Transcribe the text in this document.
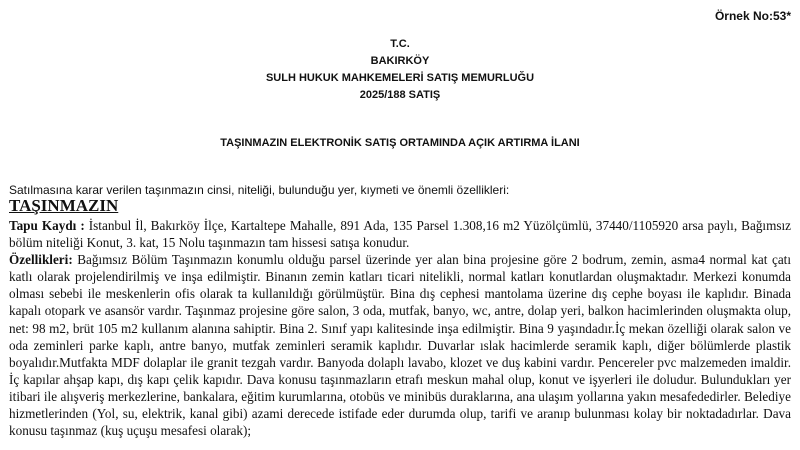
Örnek No:53*
T.C.
BAKIRKÖY
SULH HUKUK MAHKEMELERİ SATIŞ MEMURLUĞU
2025/188 SATIŞ
TAŞINMAZIN ELEKTRONİK SATIŞ ORTAMINDA AÇIK ARTIRMA İLANI
Satılmasına karar verilen taşınmazın cinsi, niteliği, bulunduğu yer, kıymeti ve önemli özellikleri:
TAŞINMAZIN

Tapu Kaydı : İstanbul İl, Bakırköy İlçe, Kartaltepe Mahalle, 891 Ada, 135 Parsel 1.308,16 m2 Yüzölçümlü, 37440/1105920 arsa paylı, Bağımsız bölüm niteliği Konut, 3. kat, 15 Nolu taşınmazın tam hissesi satışa konudur.

Özellikleri: Bağımsız Bölüm Taşınmazın konumlu olduğu parsel üzerinde yer alan bina projesine göre 2 bodrum, zemin, asma4 normal kat çatı katlı olarak projelendirilmiş ve inşa edilmiştir. Binanın zemin katları ticari nitelikli, normal katları konutlardan oluşmaktadır. Merkezi konumda olması sebebi ile meskenlerin ofis olarak ta kullanıldığı görülmüştür. Bina dış cephesi mantolama üzerine dış cephe boyası ile kaplıdır. Binada kapalı otopark ve asansör vardır. Taşınmaz projesine göre salon, 3 oda, mutfak, banyo, wc, antre, dolap yeri, balkon hacimlerinden oluşmakta olup, net: 98 m2, brüt 105 m2 kullanım alanına sahiptir. Bina 2. Sınıf yapı kalitesinde inşa edilmiştir. Bina 9 yaşındadır.İç mekan özelliği olarak salon ve oda zeminleri parke kaplı, antre banyo, mutfak zeminleri seramik kaplıdır. Duvarlar ıslak hacimlerde seramik kaplı, diğer bölümlerde plastik boyalıdır.Mutfakta MDF dolaplar ile granit tezgah vardır. Banyoda dolaplı lavabo, klozet ve duş kabini vardır. Pencereler pvc malzemeden imaldir. İç kapılar ahşap kapı, dış kapı çelik kapıdır. Dava konusu taşınmazların etrafı meskun mahal olup, konut ve işyerleri ile doludur. Bulundukları yer itibari ile alışveriş merkezlerine, bankalara, eğitim kurumlarına, otobüs ve minibüs duraklarına, ana ulaşım yollarına yakın mesafededirler. Belediye hizmetlerinden (Yol, su, elektrik, kanal gibi) azami derecede istifade eder durumda olup, tarifi ve aranıp bulunması kolay bir noktadadırlar. Dava konusu taşınmaz (kuş uçuşu mesafesi olarak);
